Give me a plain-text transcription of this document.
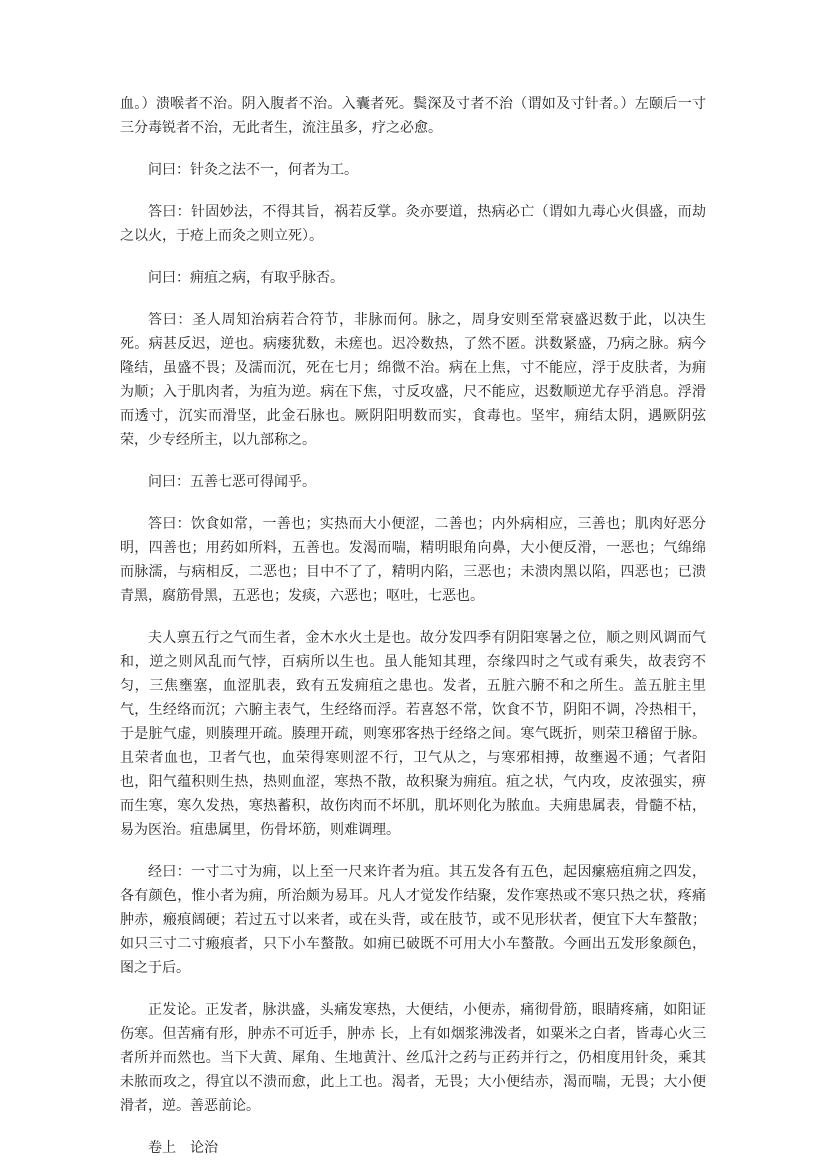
血。）溃喉者不治。阴入腹者不治。入囊者死。鬓深及寸者不治（谓如及寸针者。）左颐后一寸三分毒锐者不治，无此者生，流注虽多，疗之必愈。

问曰：针灸之法不一，何者为工。

答曰：针固妙法，不得其旨，祸若反掌。灸亦要道，热病必亡（谓如九毒心火俱盛，而劫之以火，于疮上而灸之则立死）。

问曰：痈疽之病，有取乎脉否。

答曰：圣人周知治病若合符节，非脉而何。脉之，周身安则至常衰盛迟数于此，以决生死。病甚反迟，逆也。病瘘犹数，未瘥也。迟冷数热，了然不匿。洪数紧盛，乃病之脉。病今隆结，虽盛不畏；及濡而沉，死在七月；绵微不治。病在上焦，寸不能应，浮于皮肤者，为痈为顺；入于肌肉者，为疽为逆。病在下焦，寸反攻盛，尺不能应，迟数顺逆尤存乎消息。浮滑而透寸，沉实而滑坚，此金石脉也。厥阴阳明数而实，食毒也。坚牢，痈结太阴，遇厥阴弦荣，少专经所主，以九部称之。

问曰：五善七恶可得闻乎。

答曰：饮食如常，一善也；实热而大小便涩，二善也；内外病相应，三善也；肌肉好恶分明，四善也；用药如所料，五善也。发渴而喘，精明眼角向鼻，大小便反滑，一恶也；气绵绵而脉濡，与病相反，二恶也；目中不了了，精明内陷，三恶也；未溃肉黑以陷，四恶也；已溃青黑，腐筋骨黑，五恶也；发痰，六恶也；呕吐，七恶也。

夫人禀五行之气而生者，金木水火土是也。故分发四季有阴阳寒暑之位，顺之则风调而气和，逆之则风乱而气悖，百病所以生也。虽人能知其理，奈缘四时之气或有乘失，故表窍不匀，三焦壅塞，血涩肌表，致有五发痈疽之患也。发者，五脏六腑不和之所生。盖五脏主里气，生经络而沉；六腑主表气，生经络而浮。若喜怒不常，饮食不节，阴阳不调，冷热相干，于是脏气虚，则腠理开疏。腠理开疏，则寒邪客热于经络之间。寒气既折，则荣卫稽留于脉。且荣者血也，卫者气也，血荣得寒则涩不行，卫气从之，与寒邪相搏，故壅遏不通；气者阳也，阳气蕴积则生热，热则血涩，寒热不散，故积聚为痈疽。疽之状，气内攻，皮浓强实，痹而生寒，寒久发热，寒热蓄积，故伤肉而不坏肌，肌坏则化为脓血。夫痈患属表，骨髓不枯，易为医治。疽患属里，伤骨坏筋，则难调理。

经曰：一寸二寸为痈，以上至一尺来许者为疽。其五发各有五色，起因瘰癌疽痈之四发，各有颜色，惟小者为痈，所治颇为易耳。凡人才觉发作结聚，发作寒热或不寒只热之状，疼痛肿赤，瘢痕阔硬；若过五寸以来者，或在头背，或在肢节，或不见形状者，便宜下大车螯散；如只三寸二寸瘢痕者，只下小车螯散。如痈已破既不可用大小车螯散。今画出五发形象颜色，图之于后。

正发论。正发者，脉洪盛，头痛发寒热，大便结，小便赤，痛彻骨筋，眼睛疼痛，如阳证伤寒。但苦痛有形，肿赤不可近手，肿赤 长，上有如烟浆沸泼者，如粟米之白者，皆毒心火三者所并而然也。当下大黄、犀角、生地黄汁、丝瓜汁之药与正药并行之，仍相度用针灸，乘其未脓而攻之，得宜以不溃而愈，此上工也。渴者，无畏；大小便结赤，渴而喘，无畏；大小便滑者，逆。善恶前论。

卷上　论治
